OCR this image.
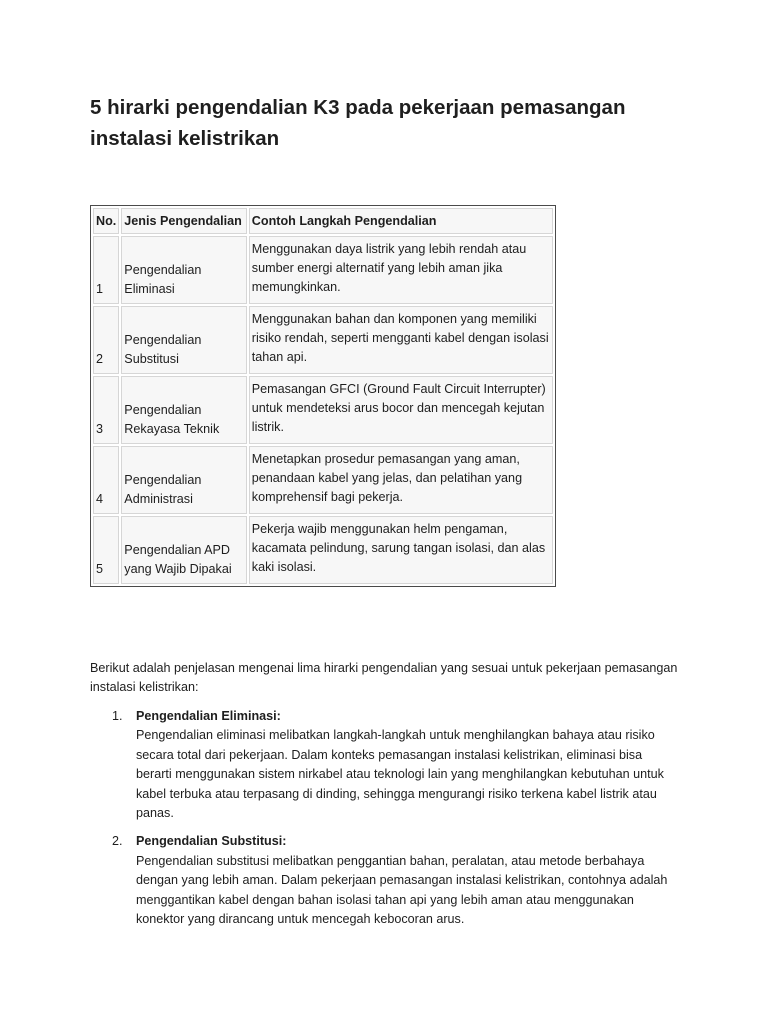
5 hirarki pengendalian K3 pada pekerjaan pemasangan instalasi kelistrikan
No.	Jenis Pengendalian	Contoh Langkah Pengendalian
1	Pengendalian Eliminasi	Menggunakan daya listrik yang lebih rendah atau sumber energi alternatif yang lebih aman jika memungkinkan.
2	Pengendalian Substitusi	Menggunakan bahan dan komponen yang memiliki risiko rendah, seperti mengganti kabel dengan isolasi tahan api.
3	Pengendalian Rekayasa Teknik	Pemasangan GFCI (Ground Fault Circuit Interrupter) untuk mendeteksi arus bocor dan mencegah kejutan listrik.
4	Pengendalian Administrasi	Menetapkan prosedur pemasangan yang aman, penandaan kabel yang jelas, dan pelatihan yang komprehensif bagi pekerja.
5	Pengendalian APD yang Wajib Dipakai	Pekerja wajib menggunakan helm pengaman, kacamata pelindung, sarung tangan isolasi, dan alas kaki isolasi.

Berikut adalah penjelasan mengenai lima hirarki pengendalian yang sesuai untuk pekerjaan pemasangan instalasi kelistrikan:

1. Pengendalian Eliminasi:
Pengendalian eliminasi melibatkan langkah-langkah untuk menghilangkan bahaya atau risiko secara total dari pekerjaan. Dalam konteks pemasangan instalasi kelistrikan, eliminasi bisa berarti menggunakan sistem nirkabel atau teknologi lain yang menghilangkan kebutuhan untuk kabel terbuka atau terpasang di dinding, sehingga mengurangi risiko terkena kabel listrik atau panas.
2. Pengendalian Substitusi:
Pengendalian substitusi melibatkan penggantian bahan, peralatan, atau metode berbahaya dengan yang lebih aman. Dalam pekerjaan pemasangan instalasi kelistrikan, contohnya adalah menggantikan kabel dengan bahan isolasi tahan api yang lebih aman atau menggunakan konektor yang dirancang untuk mencegah kebocoran arus.
